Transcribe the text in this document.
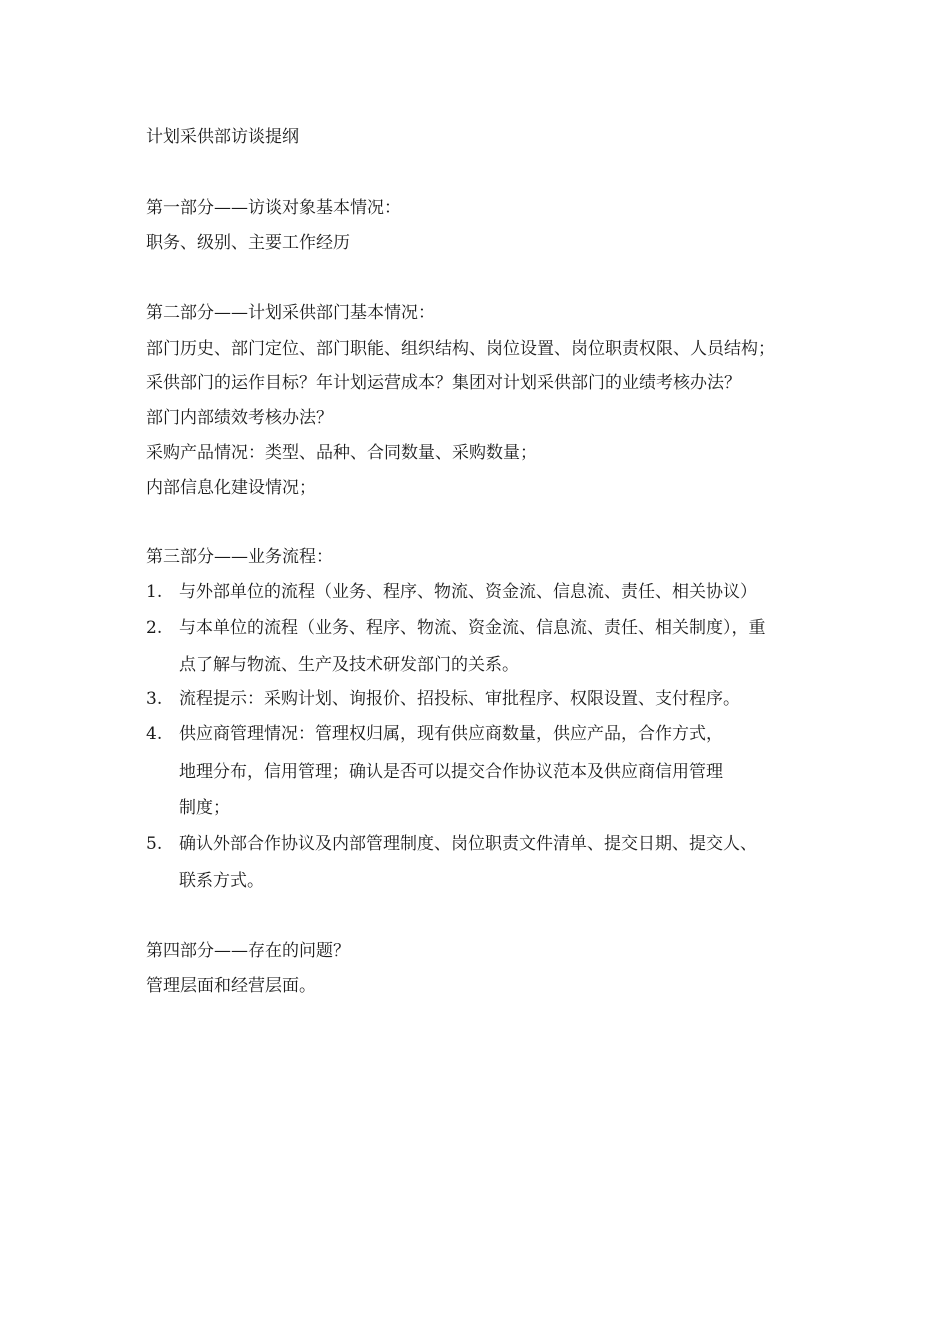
计划采供部访谈提纲
第一部分——访谈对象基本情况：
职务、级别、主要工作经历
第二部分——计划采供部门基本情况：
部门历史、部门定位、部门职能、组织结构、岗位设置、岗位职责权限、人员结构；
采供部门的运作目标？年计划运营成本？集团对计划采供部门的业绩考核办法？
部门内部绩效考核办法？
采购产品情况：类型、品种、合同数量、采购数量；
内部信息化建设情况；
第三部分——业务流程：
1. 与外部单位的流程（业务、程序、物流、资金流、信息流、责任、相关协议）
2. 与本单位的流程（业务、程序、物流、资金流、信息流、责任、相关制度），重
点了解与物流、生产及技术研发部门的关系。
3. 流程提示：采购计划、询报价、招投标、审批程序、权限设置、支付程序。
4. 供应商管理情况：管理权归属，现有供应商数量，供应产品，合作方式，
地理分布，信用管理；确认是否可以提交合作协议范本及供应商信用管理
制度；
5. 确认外部合作协议及内部管理制度、岗位职责文件清单、提交日期、提交人、
联系方式。
第四部分——存在的问题？
管理层面和经营层面。
